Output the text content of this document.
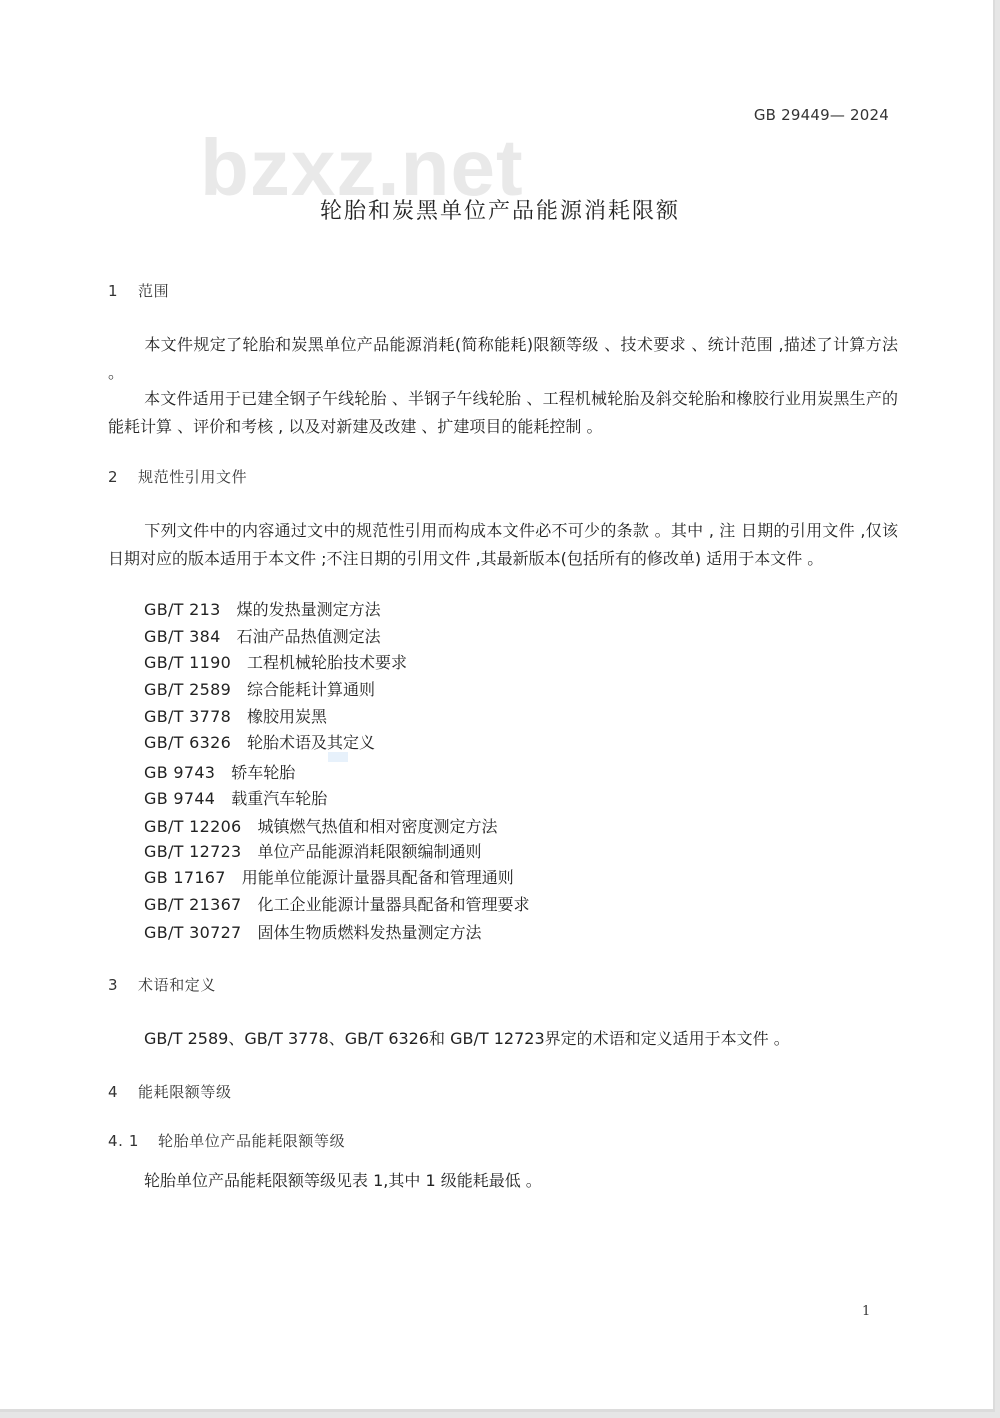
GB 29449— 2024
bzxz.net
轮胎和炭黑单位产品能源消耗限额
1 范围
本文件规定了轮胎和炭黑单位产品能源消耗(简称能耗)限额等级 、技术要求 、统计范围 ,描述了计算方法 。
本文件适用于已建全钢子午线轮胎 、半钢子午线轮胎 、工程机械轮胎及斜交轮胎和橡胶行业用炭黑生产的能耗计算 、评价和考核 , 以及对新建及改建 、扩建项目的能耗控制 。
2 规范性引用文件
下列文件中的内容通过文中的规范性引用而构成本文件必不可少的条款 。其中 , 注 日期的引用文件 ,仅该日期对应的版本适用于本文件 ;不注日期的引用文件 ,其最新版本(包括所有的修改单) 适用于本文件 。
GB/T 213 煤的发热量测定方法
GB/T 384 石油产品热值测定法
GB/T 1190 工程机械轮胎技术要求
GB/T 2589 综合能耗计算通则
GB/T 3778 橡胶用炭黑
GB/T 6326 轮胎术语及其定义
GB 9743 轿车轮胎
GB 9744 载重汽车轮胎
GB/T 12206 城镇燃气热值和相对密度测定方法
GB/T 12723 单位产品能源消耗限额编制通则
GB 17167 用能单位能源计量器具配备和管理通则
GB/T 21367 化工企业能源计量器具配备和管理要求
GB/T 30727 固体生物质燃料发热量测定方法
3 术语和定义
GB/T 2589、GB/T 3778、GB/T 6326和 GB/T 12723界定的术语和定义适用于本文件 。
4 能耗限额等级
4. 1 轮胎单位产品能耗限额等级
轮胎单位产品能耗限额等级见表 1,其中 1 级能耗最低 。
1
